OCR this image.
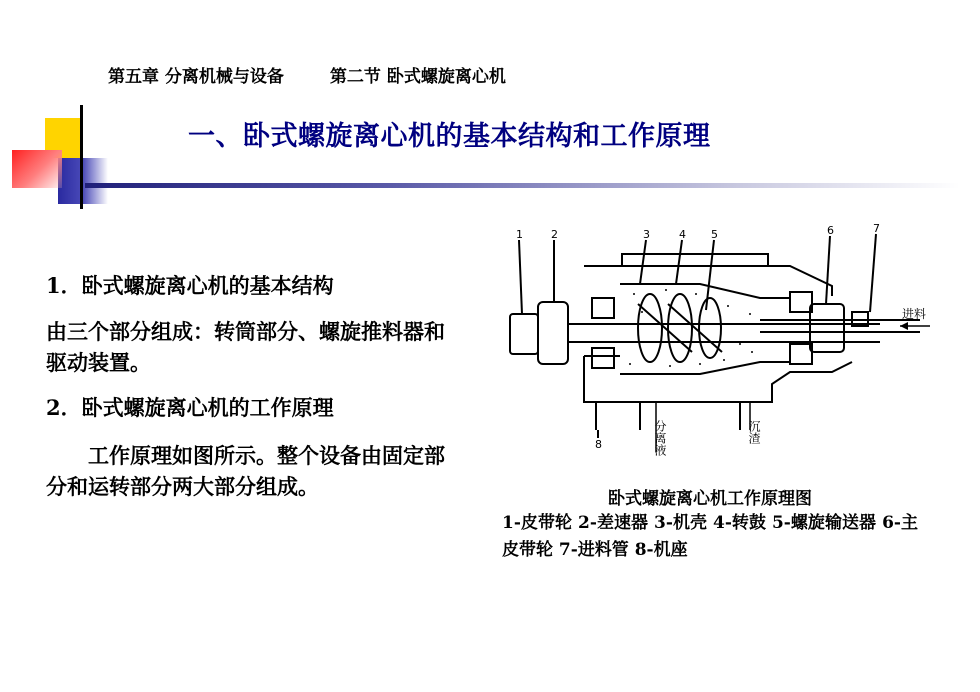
第五章 分离机械与设备	第二节 卧式螺旋离心机
一、卧式螺旋离心机的基本结构和工作原理
1．卧式螺旋离心机的基本结构
由三个部分组成：转筒部分、螺旋推料器和驱动装置。
2．卧式螺旋离心机的工作原理
工作原理如图所示。整个设备由固定部分和运转部分两大部分组成。
1	2	3	4 5	6	7
8
进料
分离液	沉渣
卧式螺旋离心机工作原理图
1-皮带轮 2-差速器 3-机壳 4-转鼓 5-螺旋输送器 6-主皮带轮 7-进料管 8-机座
